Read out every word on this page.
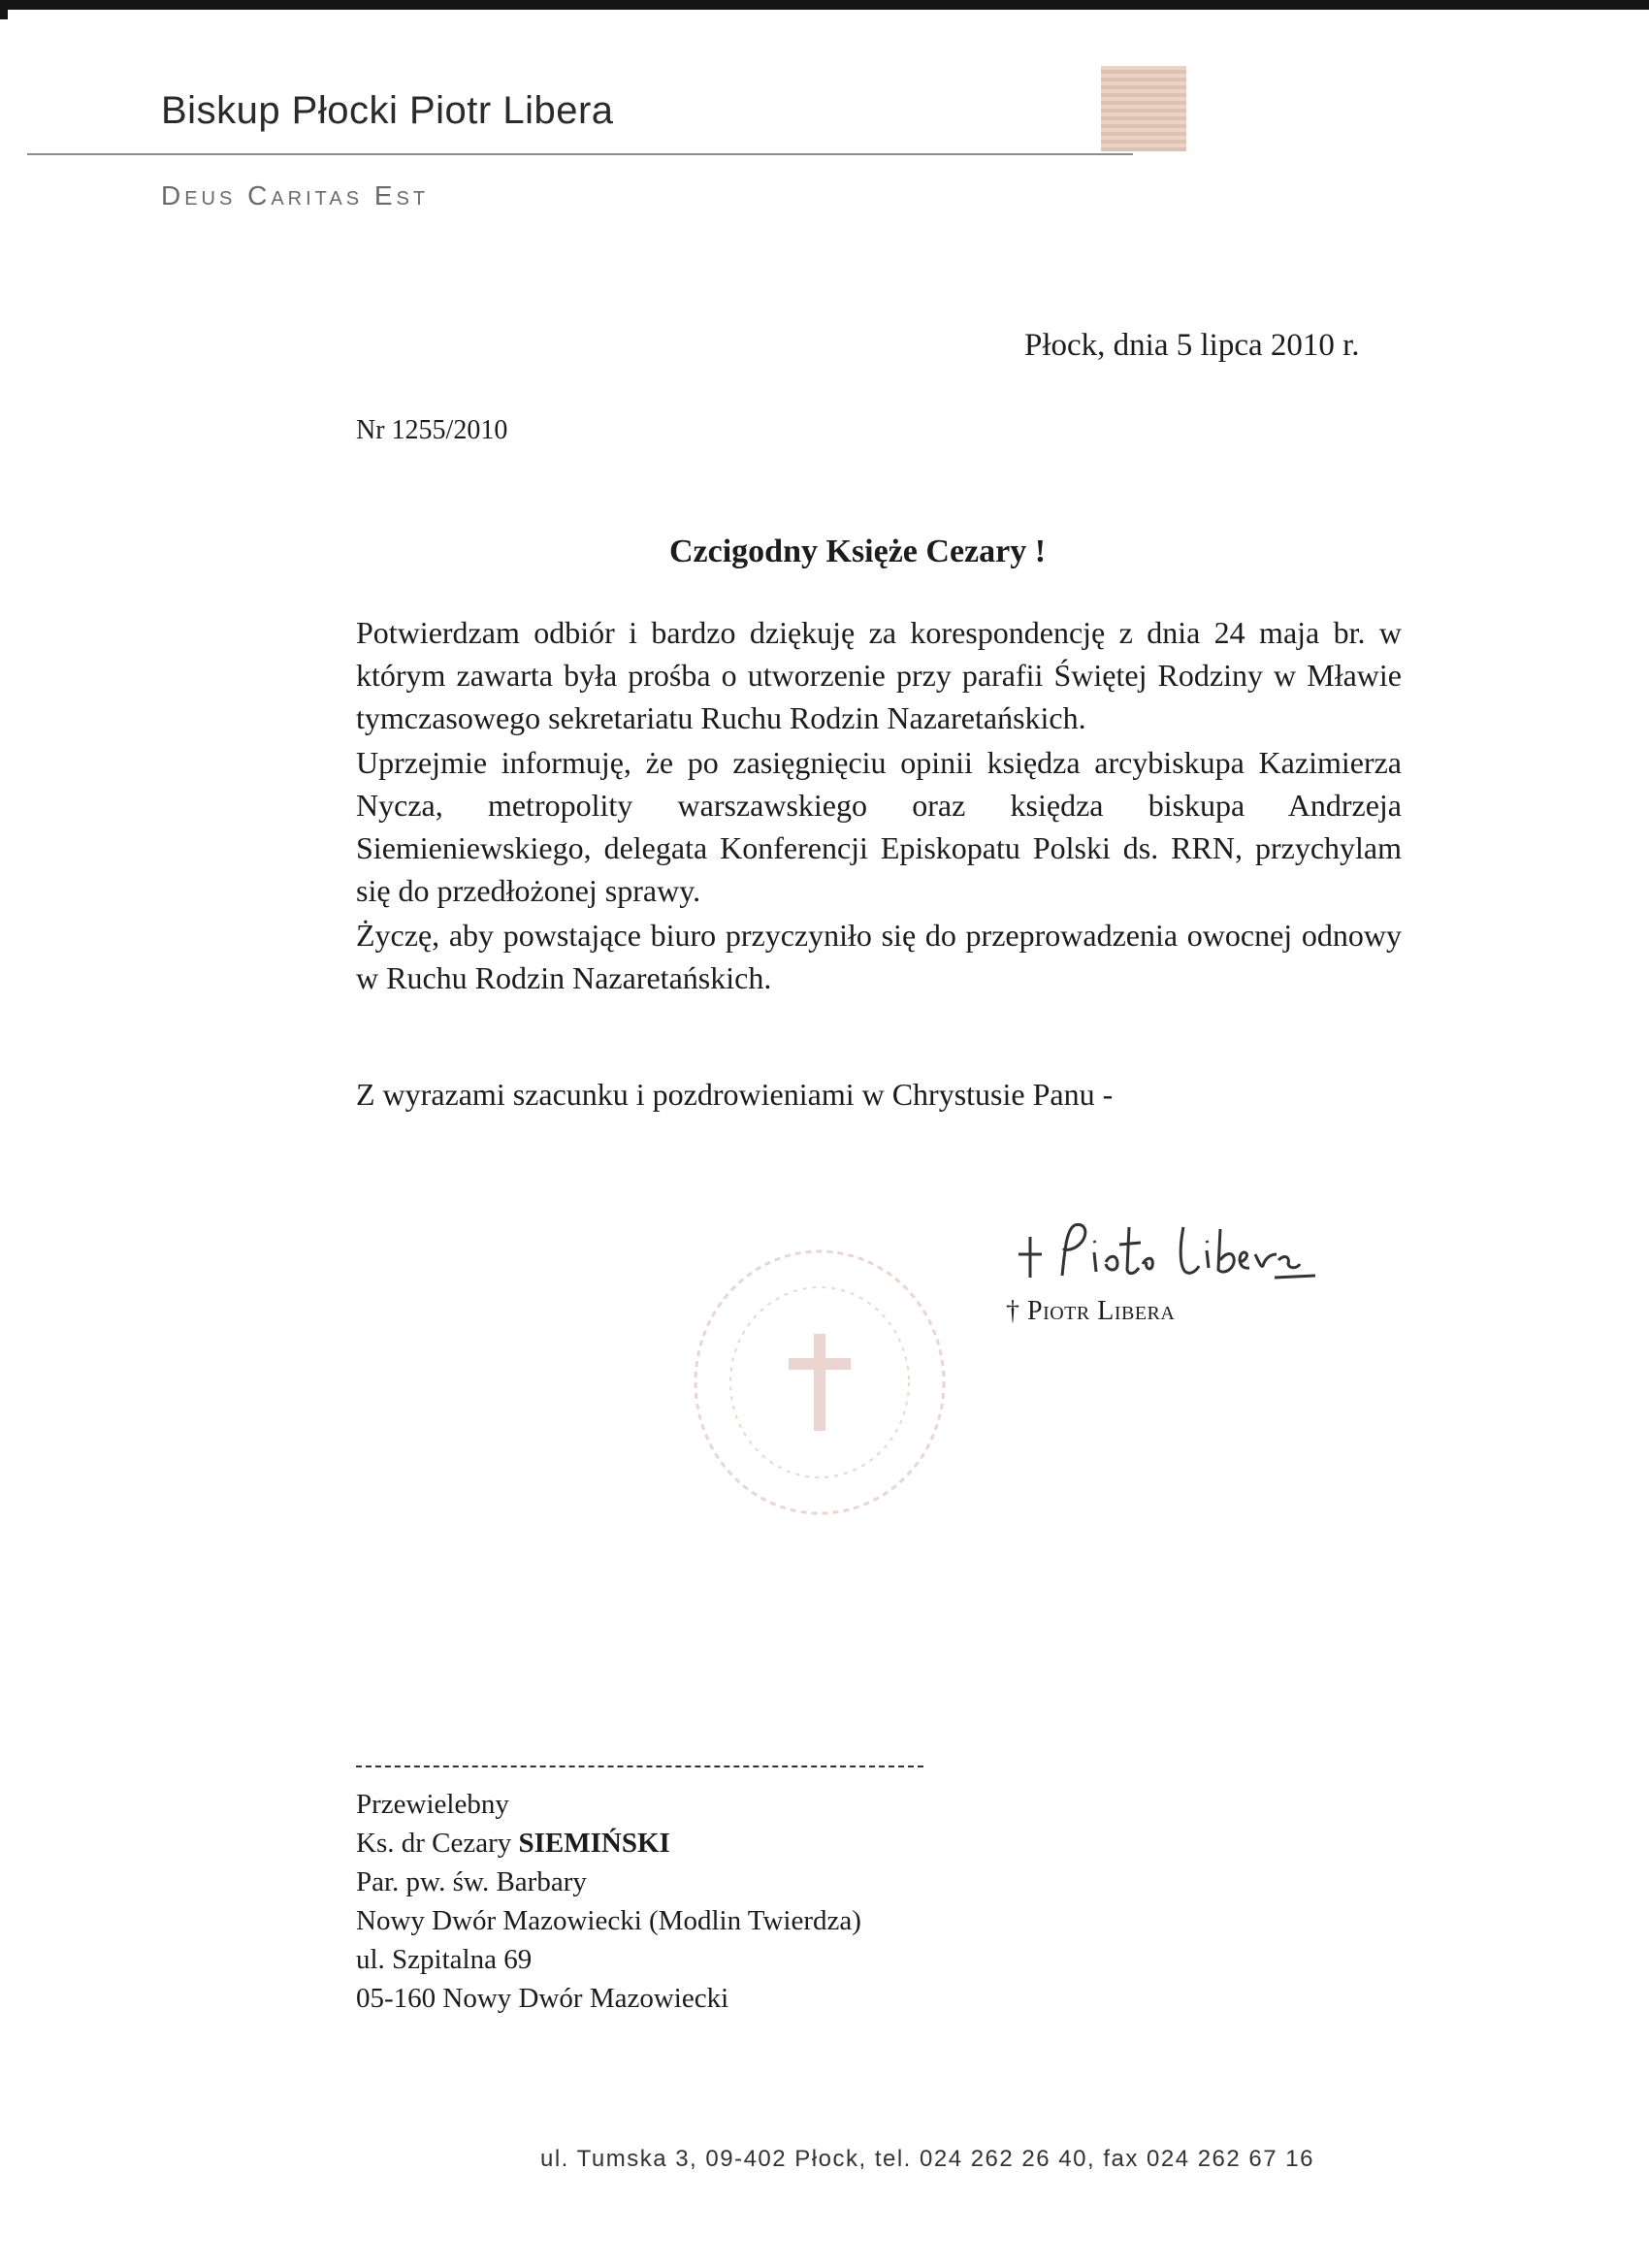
Biskup Płocki Piotr Libera
Deus Caritas Est
Płock, dnia 5 lipca 2010 r.
Nr 1255/2010
Czcigodny Księże Cezary !

Potwierdzam odbiór i bardzo dziękuję za korespondencję z dnia 24 maja br. w którym zawarta była prośba o utworzenie przy parafii Świętej Rodziny w Mławie tymczasowego sekretariatu Ruchu Rodzin Nazaretańskich.

Uprzejmie informuję, że po zasięgnięciu opinii księdza arcybiskupa Kazimierza Nycza, metropolity warszawskiego oraz księdza biskupa Andrzeja Siemieniewskiego, delegata Konferencji Episkopatu Polski ds. RRN, przychylam się do przedłożonej sprawy.

Życzę, aby powstające biuro przyczyniło się do przeprowadzenia owocnej odnowy w Ruchu Rodzin Nazaretańskich.

Z wyrazami szacunku i pozdrowieniami w Chrystusie Panu -
† Piotr Libera
Przewielebny
Ks. dr Cezary SIEMIŃSKI
Par. pw. św. Barbary
Nowy Dwór Mazowiecki (Modlin Twierdza)
ul. Szpitalna 69
05-160 Nowy Dwór Mazowiecki
ul. Tumska 3, 09-402 Płock, tel. 024 262 26 40, fax 024 262 67 16
